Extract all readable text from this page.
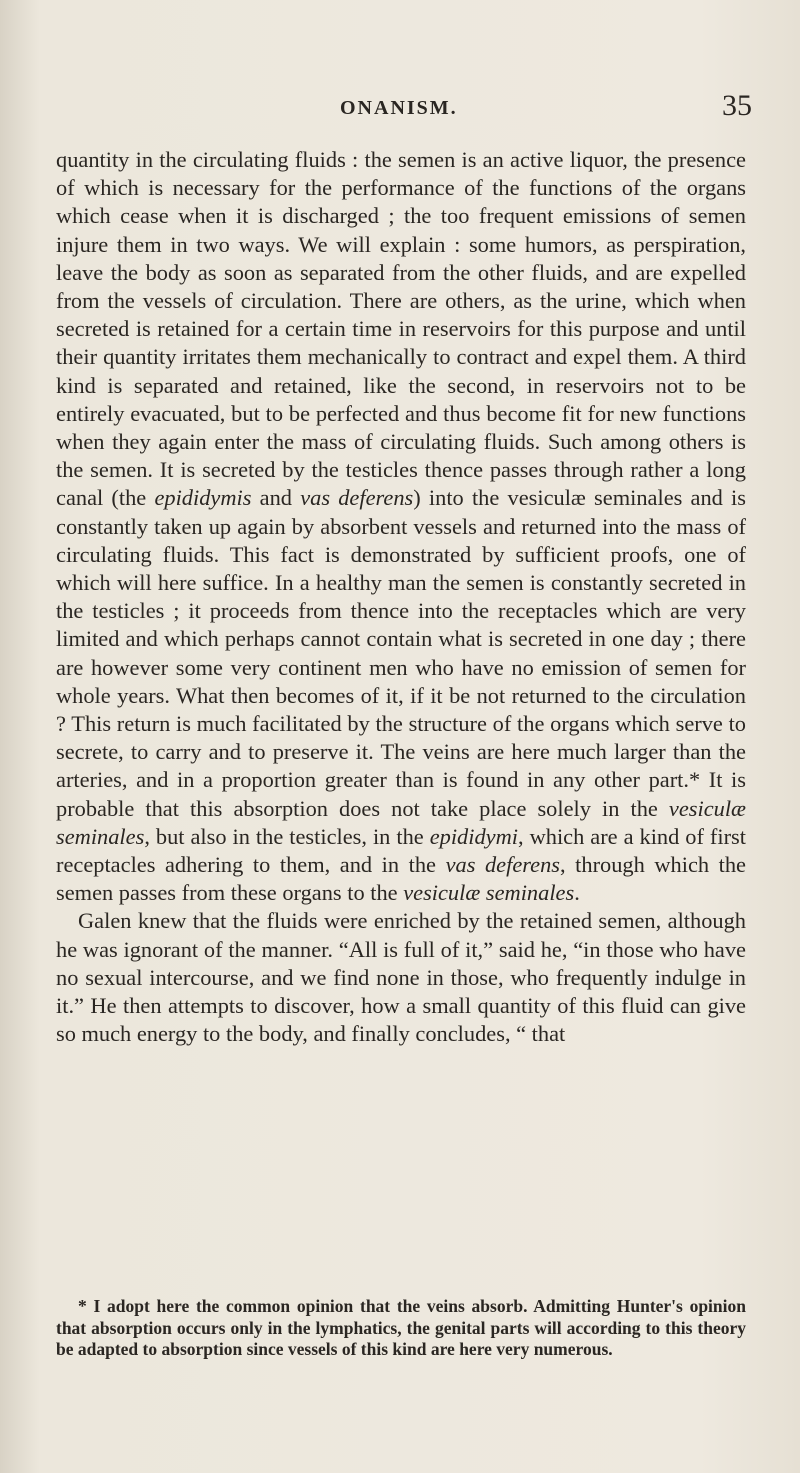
ONANISM.	35

quantity in the circulating fluids : the semen is an active liquor, the presence of which is necessary for the performance of the functions of the organs which cease when it is discharged ; the too frequent emissions of semen injure them in two ways. We will explain : some humors, as perspiration, leave the body as soon as separated from the other fluids, and are expelled from the vessels of circulation. There are others, as the urine, which when secreted is retained for a certain time in reservoirs for this purpose and until their quantity irritates them mechanically to contract and expel them. A third kind is separated and retained, like the second, in reservoirs not to be entirely evacuated, but to be perfected and thus become fit for new functions when they again enter the mass of circulating fluids. Such among others is the semen. It is secreted by the testicles thence passes through rather a long canal (the epididymis and vas deferens) into the vesiculæ seminales and is constantly taken up again by absorbent vessels and returned into the mass of circulating fluids. This fact is demonstrated by sufficient proofs, one of which will here suffice. In a healthy man the semen is constantly secreted in the testicles ; it proceeds from thence into the receptacles which are very limited and which perhaps cannot contain what is secreted in one day ; there are however some very continent men who have no emission of semen for whole years. What then becomes of it, if it be not returned to the circulation ? This return is much facilitated by the structure of the organs which serve to secrete, to carry and to preserve it. The veins are here much larger than the arteries, and in a proportion greater than is found in any other part.* It is probable that this absorption does not take place solely in the vesiculæ seminales, but also in the testicles, in the epididymi, which are a kind of first receptacles adhering to them, and in the vas deferens, through which the semen passes from these organs to the vesiculæ seminales.

Galen knew that the fluids were enriched by the retained semen, although he was ignorant of the manner. “All is full of it,” said he, “in those who have no sexual intercourse, and we find none in those, who frequently indulge in it.” He then attempts to discover, how a small quantity of this fluid can give so much energy to the body, and finally concludes, “ that

* I adopt here the common opinion that the veins absorb. Admitting Hunter's opinion that absorption occurs only in the lymphatics, the genital parts will according to this theory be adapted to absorption since vessels of this kind are here very numerous.
